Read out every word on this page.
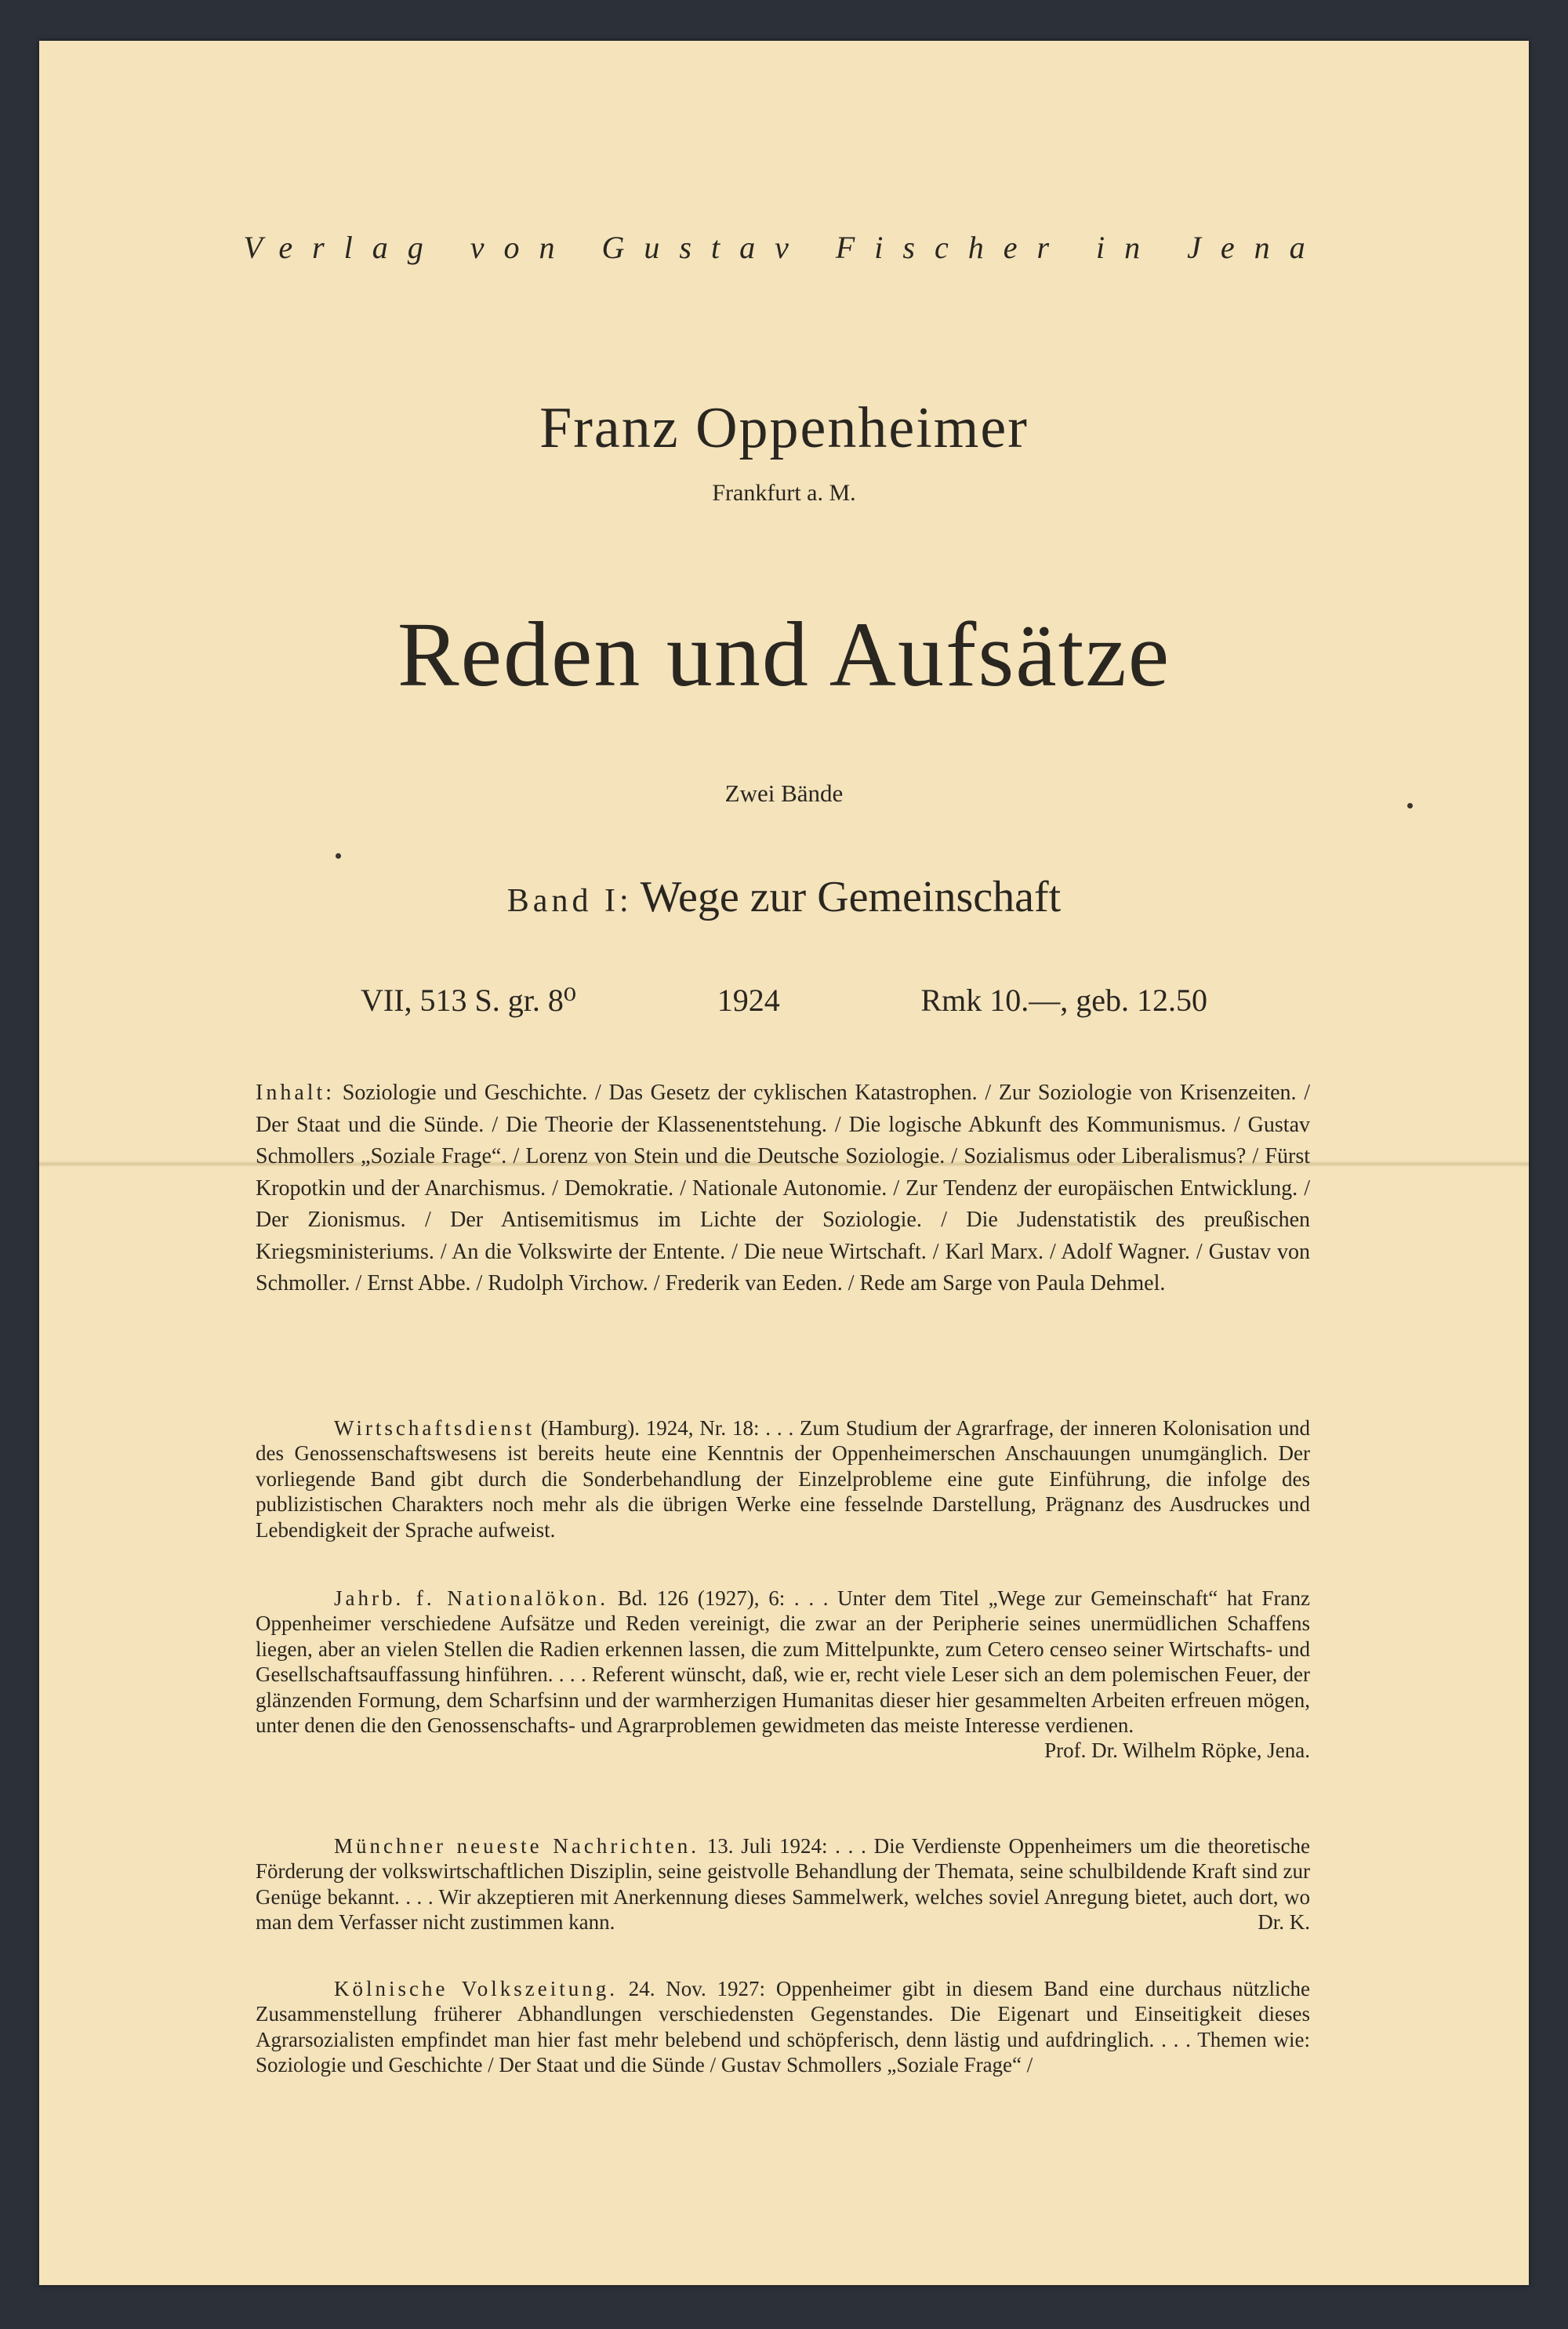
Verlag von Gustav Fischer in Jena
Franz Oppenheimer
Frankfurt a. M.
Reden und Aufsätze
Zwei Bände
Band I: Wege zur Gemeinschaft
VII, 513 S. gr. 8⁰	1924	Rmk 10.—, geb. 12.50
Inhalt: Soziologie und Geschichte. / Das Gesetz der cyklischen Katastrophen. / Zur Soziologie von Krisenzeiten. / Der Staat und die Sünde. / Die Theorie der Klassenentstehung. / Die logische Abkunft des Kommunismus. / Gustav Schmollers „Soziale Frage“. / Lorenz von Stein und die Deutsche Soziologie. / Sozialismus oder Liberalismus? / Fürst Kropotkin und der Anarchismus. / Demokratie. / Nationale Autonomie. / Zur Tendenz der europäischen Entwicklung. / Der Zionismus. / Der Antisemitismus im Lichte der Soziologie. / Die Judenstatistik des preußischen Kriegsministeriums. / An die Volkswirte der Entente. / Die neue Wirtschaft. / Karl Marx. / Adolf Wagner. / Gustav von Schmoller. / Ernst Abbe. / Rudolph Virchow. / Frederik van Eeden. / Rede am Sarge von Paula Dehmel.
Wirtschaftsdienst (Hamburg). 1924, Nr. 18: . . . Zum Studium der Agrarfrage, der inneren Kolonisation und des Genossenschaftswesens ist bereits heute eine Kenntnis der Oppenheimerschen Anschauungen unumgänglich. Der vorliegende Band gibt durch die Sonderbehandlung der Einzelprobleme eine gute Einführung, die infolge des publizistischen Charakters noch mehr als die übrigen Werke eine fesselnde Darstellung, Prägnanz des Ausdruckes und Lebendigkeit der Sprache aufweist.
Jahrb. f. Nationalökon. Bd. 126 (1927), 6: . . . Unter dem Titel „Wege zur Gemeinschaft“ hat Franz Oppenheimer verschiedene Aufsätze und Reden vereinigt, die zwar an der Peripherie seines unermüdlichen Schaffens liegen, aber an vielen Stellen die Radien erkennen lassen, die zum Mittelpunkte, zum Cetero censeo seiner Wirtschafts- und Gesellschaftsauffassung hinführen. . . . Referent wünscht, daß, wie er, recht viele Leser sich an dem polemischen Feuer, der glänzenden Formung, dem Scharfsinn und der warmherzigen Humanitas dieser hier gesammelten Arbeiten erfreuen mögen, unter denen die den Genossenschafts- und Agrarproblemen gewidmeten das meiste Interesse verdienen.
Prof. Dr. Wilhelm Röpke, Jena.
Münchner neueste Nachrichten. 13. Juli 1924: . . . Die Verdienste Oppenheimers um die theoretische Förderung der volkswirtschaftlichen Disziplin, seine geistvolle Behandlung der Themata, seine schulbildende Kraft sind zur Genüge bekannt. . . . Wir akzeptieren mit Anerkennung dieses Sammelwerk, welches soviel Anregung bietet, auch dort, wo man dem Verfasser nicht zustimmen kann.	Dr. K.
Kölnische Volkszeitung. 24. Nov. 1927: Oppenheimer gibt in diesem Band eine durchaus nützliche Zusammenstellung früherer Abhandlungen verschiedensten Gegenstandes. Die Eigenart und Einseitigkeit dieses Agrarsozialisten empfindet man hier fast mehr belebend und schöpferisch, denn lästig und aufdringlich. . . . Themen wie: Soziologie und Geschichte / Der Staat und die Sünde / Gustav Schmollers „Soziale Frage“ /
